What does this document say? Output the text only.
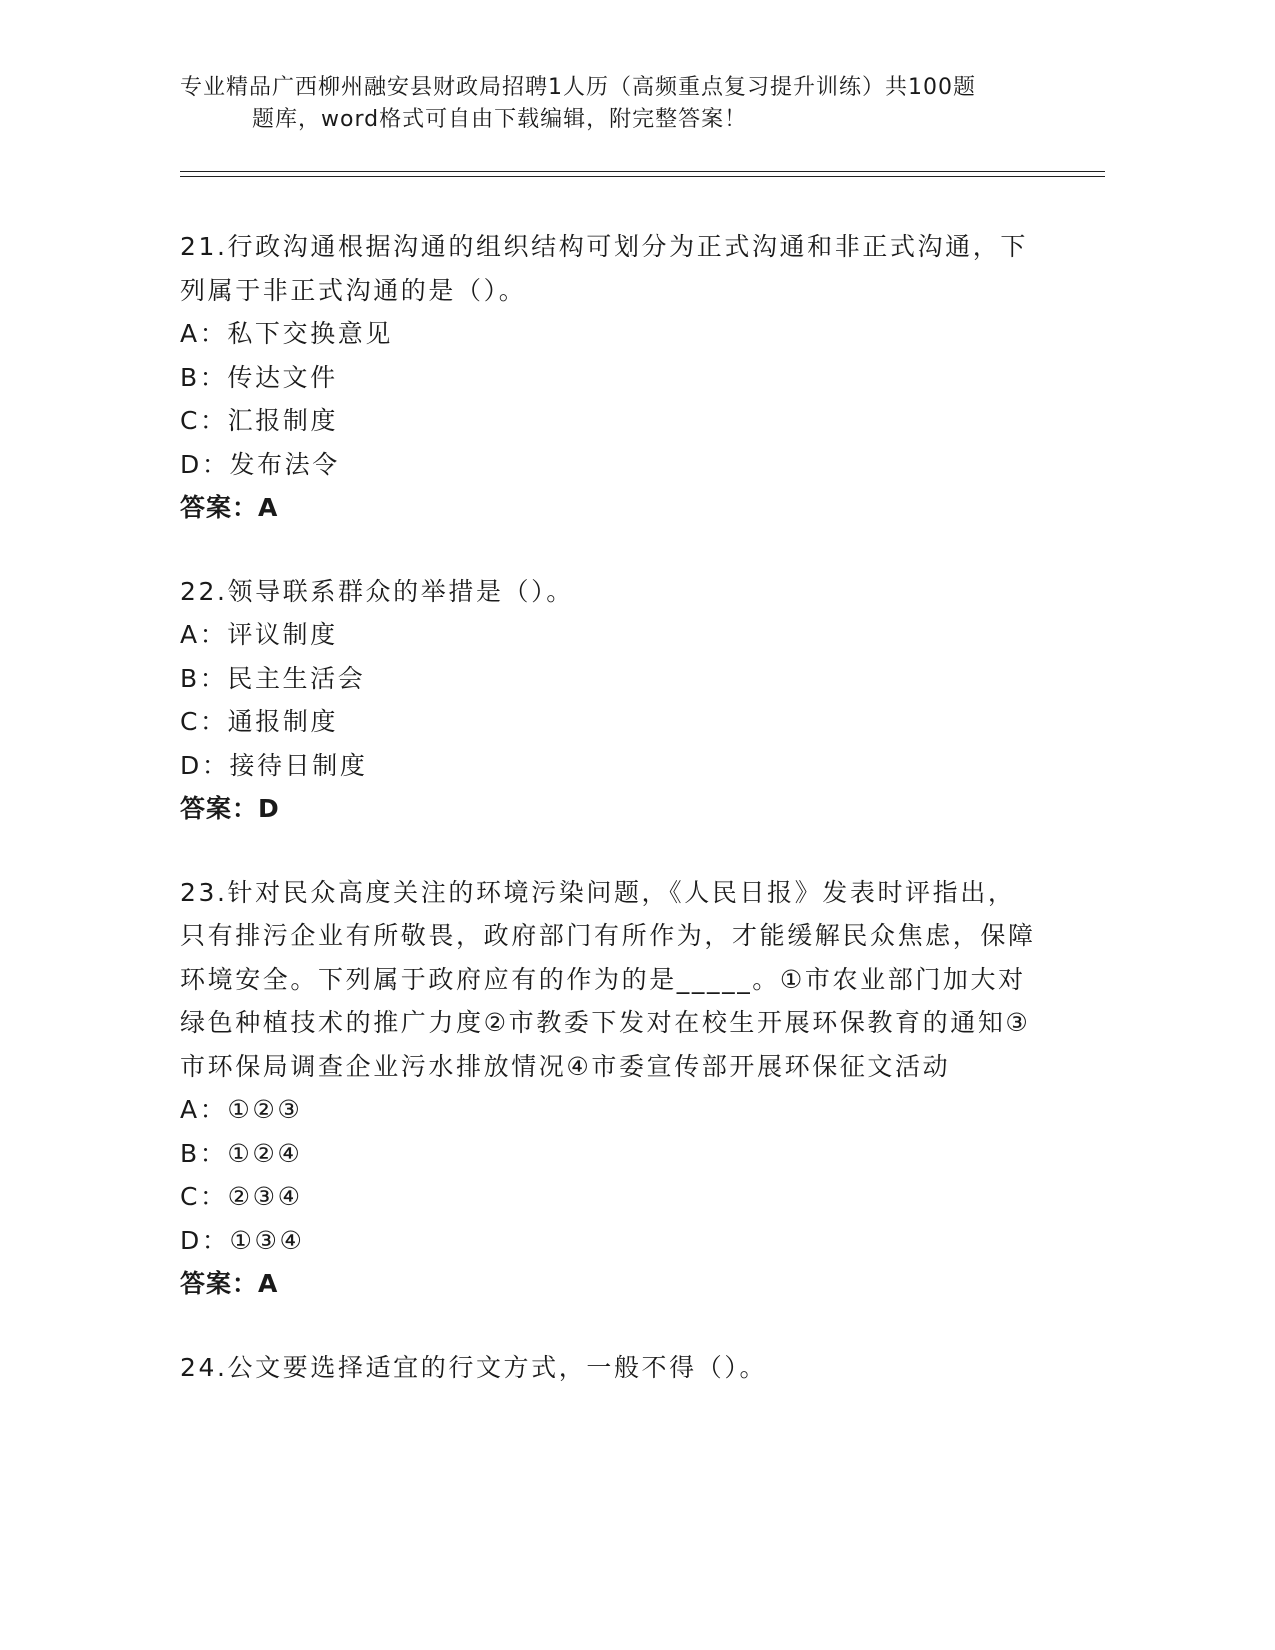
专业精品广西柳州融安县财政局招聘1人历（高频重点复习提升训练）共100题
题库，word格式可自由下载编辑，附完整答案！

21.行政沟通根据沟通的组织结构可划分为正式沟通和非正式沟通，下列属于非正式沟通的是（）。

A：私下交换意见

B：传达文件

C：汇报制度

D：发布法令

答案：A

22.领导联系群众的举措是（）。

A：评议制度

B：民主生活会

C：通报制度

D：接待日制度

答案：D

23.针对民众高度关注的环境污染问题，《人民日报》发表时评指出，只有排污企业有所敬畏，政府部门有所作为，才能缓解民众焦虑，保障环境安全。下列属于政府应有的作为的是_____。①市农业部门加大对绿色种植技术的推广力度②市教委下发对在校生开展环保教育的通知③市环保局调查企业污水排放情况④市委宣传部开展环保征文活动

A：①②③

B：①②④

C：②③④

D：①③④

答案：A

24.公文要选择适宜的行文方式，一般不得（）。
